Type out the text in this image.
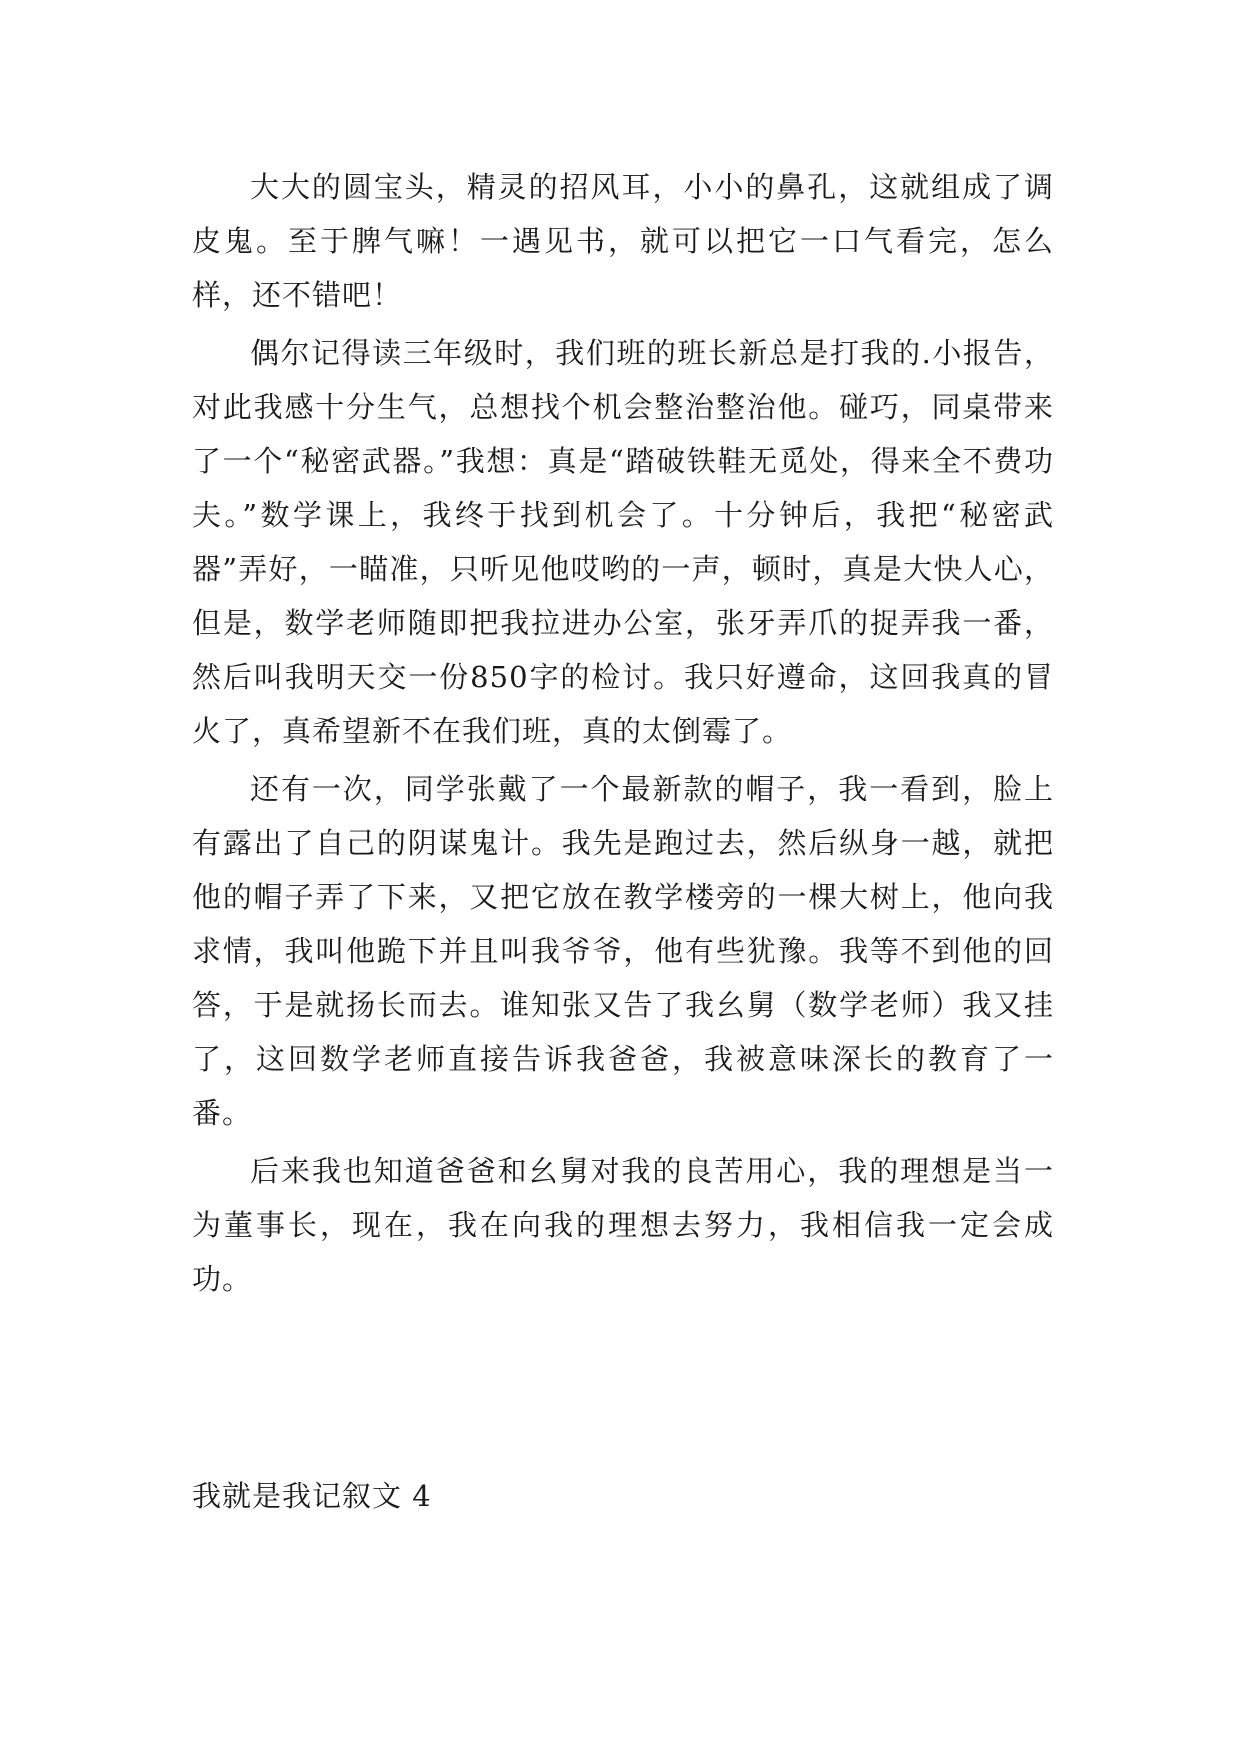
大大的圆宝头，精灵的招风耳，小小的鼻孔，这就组成了调皮鬼。至于脾气嘛！一遇见书，就可以把它一口气看完，怎么样，还不错吧！

偶尔记得读三年级时，我们班的班长新总是打我的.小报告，对此我感十分生气，总想找个机会整治整治他。碰巧，同桌带来了一个“秘密武器。”我想：真是“踏破铁鞋无觅处，得来全不费功夫。”数学课上，我终于找到机会了。十分钟后，我把“秘密武器”弄好，一瞄准，只听见他哎哟的一声，顿时，真是大快人心，但是，数学老师随即把我拉进办公室，张牙弄爪的捉弄我一番，然后叫我明天交一份850字的检讨。我只好遵命，这回我真的冒火了，真希望新不在我们班，真的太倒霉了。

还有一次，同学张戴了一个最新款的帽子，我一看到，脸上有露出了自己的阴谋鬼计。我先是跑过去，然后纵身一越，就把他的帽子弄了下来，又把它放在教学楼旁的一棵大树上，他向我求情，我叫他跪下并且叫我爷爷，他有些犹豫。我等不到他的回答，于是就扬长而去。谁知张又告了我幺舅（数学老师）我又挂了，这回数学老师直接告诉我爸爸，我被意味深长的教育了一番。

后来我也知道爸爸和幺舅对我的良苦用心，我的理想是当一为董事长，现在，我在向我的理想去努力，我相信我一定会成功。

我就是我记叙文 4
